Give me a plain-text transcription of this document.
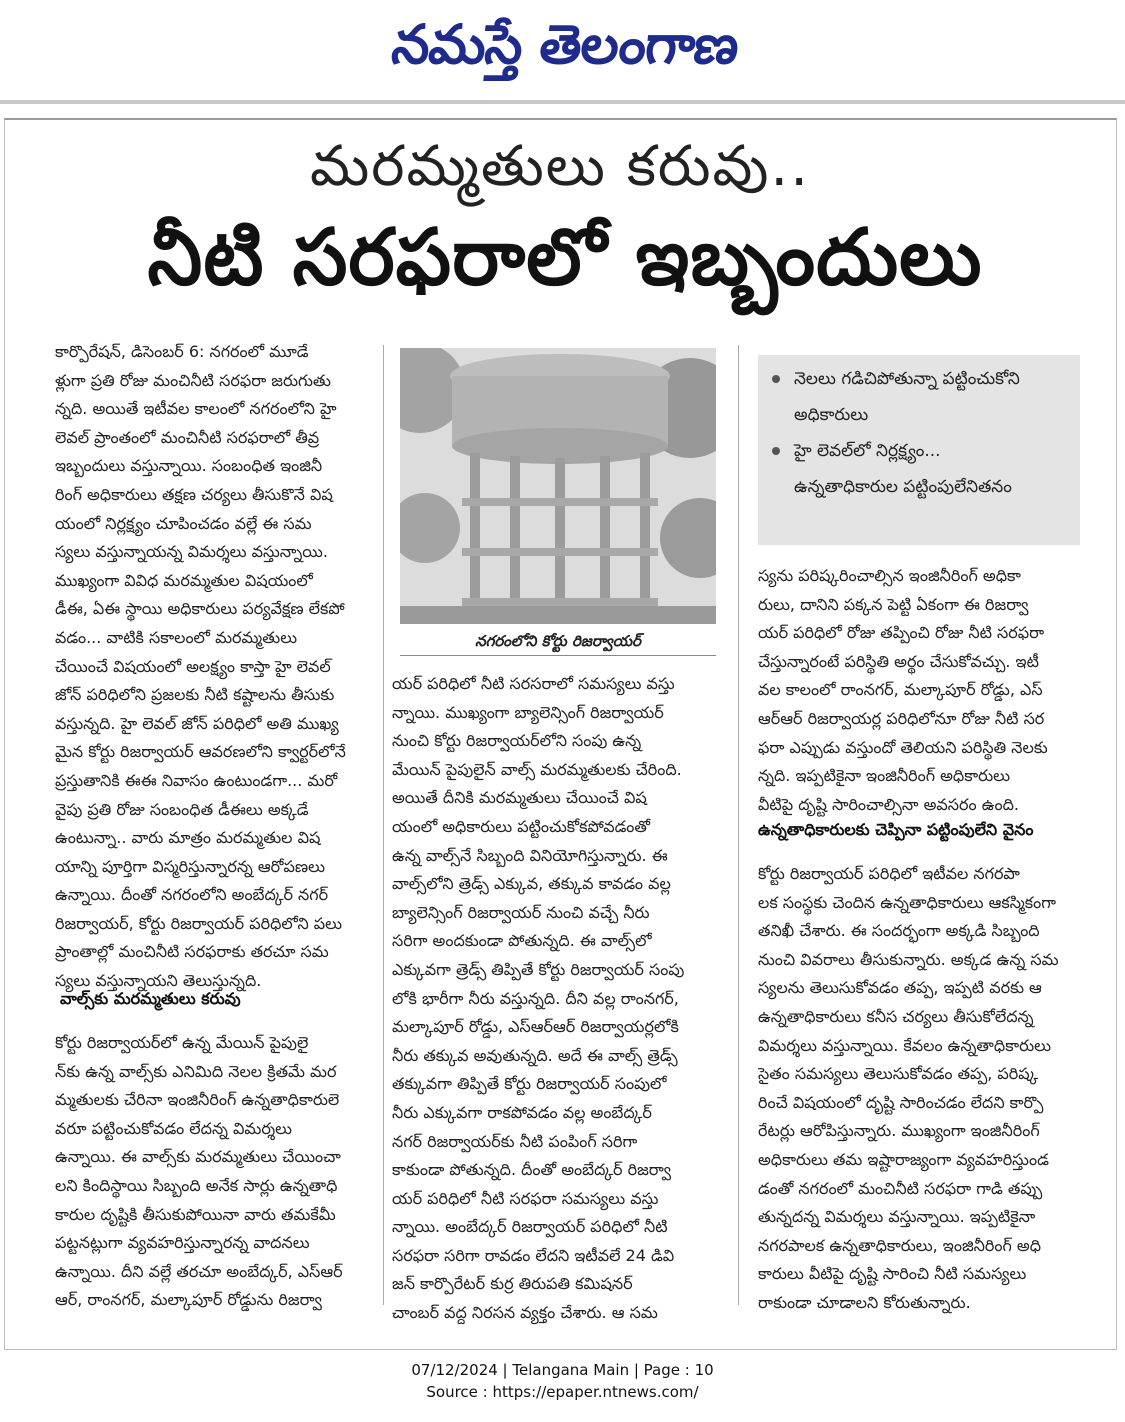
నమస్తే తెలంగాణ
మరమ్మతులు కరువు..
నీటి సరఫరాలో ఇబ్బందులు
కార్పొరేషన్, డిసెంబర్ 6: నగరంలో మూడే
ళ్లుగా ప్రతి రోజు మంచినీటి సరఫరా జరుగుతు
న్నది. అయితే ఇటీవల కాలంలో నగరంలోని హై
లెవల్ ప్రాంతంలో మంచినీటి సరఫరాలో తీవ్ర
ఇబ్బందులు వస్తున్నాయి. సంబంధిత ఇంజినీ
రింగ్ అధికారులు తక్షణ చర్యలు తీసుకొనే విష
యంలో నిర్లక్ష్యం చూపించడం వల్లే ఈ సమ
స్యలు వస్తున్నాయన్న విమర్శలు వస్తున్నాయి.
ముఖ్యంగా వివిధ మరమ్మతుల విషయంలో
డీఈ, ఏఈ స్థాయి అధికారులు పర్యవేక్షణ లేకపో
వడం... వాటికి సకాలంలో మరమ్మతులు
చేయించే విషయంలో అలక్ష్యం కాస్తా హై లెవల్
జోన్ పరిధిలోని ప్రజలకు నీటి కష్టాలను తీసుకు
వస్తున్నది. హై లెవల్ జోన్ పరిధిలో అతి ముఖ్య
మైన కోర్టు రిజర్వాయర్ ఆవరణలోని క్వార్టర్‌లోనే
ప్రస్తుతానికి ఈఈ నివాసం ఉంటుండగా... మరో
వైపు ప్రతి రోజు సంబంధిత డీఈలు అక్కడే
ఉంటున్నా.. వారు మాత్రం మరమ్మతుల విష
యాన్ని పూర్తిగా విస్మరిస్తున్నారన్న ఆరోపణలు
ఉన్నాయి. దీంతో నగరంలోని అంబేద్కర్ నగర్
రిజర్వాయర్, కోర్టు రిజర్వాయర్ పరిధిలోని పలు
ప్రాంతాల్లో మంచినీటి సరఫరాకు తరచూ సమ
స్యలు వస్తున్నాయని తెలుస్తున్నది.
వాల్స్‌కు మరమ్మతులు కరువు
కోర్టు రిజర్వాయర్‌లో ఉన్న మేయిన్ పైపులై
న్‌కు ఉన్న వాల్స్‌కు ఎనిమిది నెలల క్రితమే మర
మ్మతులకు చేరినా ఇంజినీరింగ్ ఉన్నతాధికారులె
వరూ పట్టించుకోవడం లేదన్న విమర్శలు
ఉన్నాయి. ఈ వాల్స్‌కు మరమ్మతులు చేయించా
లని కిందిస్థాయి సిబ్బంది అనేక సార్లు ఉన్నతాధి
కారుల దృష్టికి తీసుకుపోయినా వారు తమకేమీ
పట్టనట్లుగా వ్యవహరిస్తున్నారన్న వాదనలు
ఉన్నాయి. దీని వల్లే తరచూ అంబేద్కర్, ఎస్ఆర్
ఆర్, రాంనగర్, మల్కాపూర్ రోడ్డును రిజర్వా
నగరంలోని కోర్టు రిజర్వాయర్
యర్ పరిధిలో నీటి సరసరాలో సమస్యలు వస్తు
న్నాయి. ముఖ్యంగా బ్యాలెన్సింగ్ రిజర్వాయర్
నుంచి కోర్టు రిజర్వాయర్‌లోని సంపు ఉన్న
మేయిన్ పైపులైన్ వాల్స్ మరమ్మతులకు చేరింది.
అయితే దీనికి మరమ్మతులు చేయించే విష
యంలో అధికారులు పట్టించుకోకపోవడంతో
ఉన్న వాల్స్‌నే సిబ్బంది వినియోగిస్తున్నారు. ఈ
వాల్స్‌లోని త్రెడ్స్ ఎక్కువ, తక్కువ కావడం వల్ల
బ్యాలెన్సింగ్ రిజర్వాయర్ నుంచి వచ్చే నీరు
సరిగా అందకుండా పోతున్నది. ఈ వాల్స్‌లో
ఎక్కువగా త్రెడ్స్ తిప్పితే కోర్టు రిజర్వాయర్ సంపు
లోకి భారీగా నీరు వస్తున్నది. దీని వల్ల రాంనగర్,
మల్కాపూర్ రోడ్డు, ఎస్ఆర్ఆర్ రిజర్వాయర్లలోకి
నీరు తక్కువ అవుతున్నది. అదే ఈ వాల్స్ త్రెడ్స్
తక్కువగా తిప్పితే కోర్టు రిజర్వాయర్ సంపులో
నీరు ఎక్కువగా రాకపోవడం వల్ల అంబేద్కర్
నగర్ రిజర్వాయర్‌కు నీటి పంపింగ్ సరిగా
కాకుండా పోతున్నది. దీంతో అంబేద్కర్ రిజర్వా
యర్ పరిధిలో నీటి సరఫరా సమస్యలు వస్తు
న్నాయి. అంబేద్కర్ రిజర్వాయర్ పరిధిలో నీటి
సరఫరా సరిగా రావడం లేదని ఇటీవలే 24 డివి
జన్ కార్పొరేటర్ కుర్ర తిరుపతి కమిషనర్
చాంబర్ వద్ద నిరసన వ్యక్తం చేశారు. ఆ సమ
నెలలు గడిచిపోతున్నా పట్టించుకోని అధికారులు
హై లెవల్‌లో నిర్లక్ష్యం... ఉన్నతాధికారుల పట్టింపులేనితనం
స్యను పరిష్కరించాల్సిన ఇంజినీరింగ్ అధికా
రులు, దానిని పక్కన పెట్టి ఏకంగా ఈ రిజర్వా
యర్ పరిధిలో రోజు తప్పించి రోజు నీటి సరఫరా
చేస్తున్నారంటే పరిస్థితి అర్థం చేసుకోవచ్చు. ఇటీ
వల కాలంలో రాంనగర్, మల్కాపూర్ రోడ్డు, ఎస్
ఆర్ఆర్ రిజర్వాయర్ల పరిధిలోనూ రోజు నీటి సర
ఫరా ఎప్పుడు వస్తుందో తెలియని పరిస్థితి నెలకు
న్నది. ఇప్పటికైనా ఇంజినీరింగ్ అధికారులు
వీటిపై దృష్టి సారించాల్సినా అవసరం ఉంది.
ఉన్నతాధికారులకు చెప్పినా పట్టింపులేని వైనం
కోర్టు రిజర్వాయర్ పరిధిలో ఇటీవల నగరపా
లక సంస్థకు చెందిన ఉన్నతాధికారులు ఆకస్మికంగా
తనిఖీ చేశారు. ఈ సందర్భంగా అక్కడి సిబ్బంది
నుంచి వివరాలు తీసుకున్నారు. అక్కడ ఉన్న సమ
స్యలను తెలుసుకోవడం తప్ప, ఇప్పటి వరకు ఆ
ఉన్నతాధికారులు కనీస చర్యలు తీసుకోలేదన్న
విమర్శలు వస్తున్నాయి. కేవలం ఉన్నతాధికారులు
సైతం సమస్యలు తెలుసుకోవడం తప్ప, పరిష్క
రించే విషయంలో దృష్టి సారించడం లేదని కార్పొ
రేటర్లు ఆరోపిస్తున్నారు. ముఖ్యంగా ఇంజినీరింగ్
అధికారులు తమ ఇష్టారాజ్యంగా వ్యవహరిస్తుండ
డంతో నగరంలో మంచినీటి సరఫరా గాడి తప్పు
తున్నదన్న విమర్శలు వస్తున్నాయి. ఇప్పటికైనా
నగరపాలక ఉన్నతాధికారులు, ఇంజినీరింగ్ అధి
కారులు వీటిపై దృష్టి సారించి నీటి సమస్యలు
రాకుండా చూడాలని కోరుతున్నారు.
07/12/2024 | Telangana Main | Page : 10
Source : https://epaper.ntnews.com/
